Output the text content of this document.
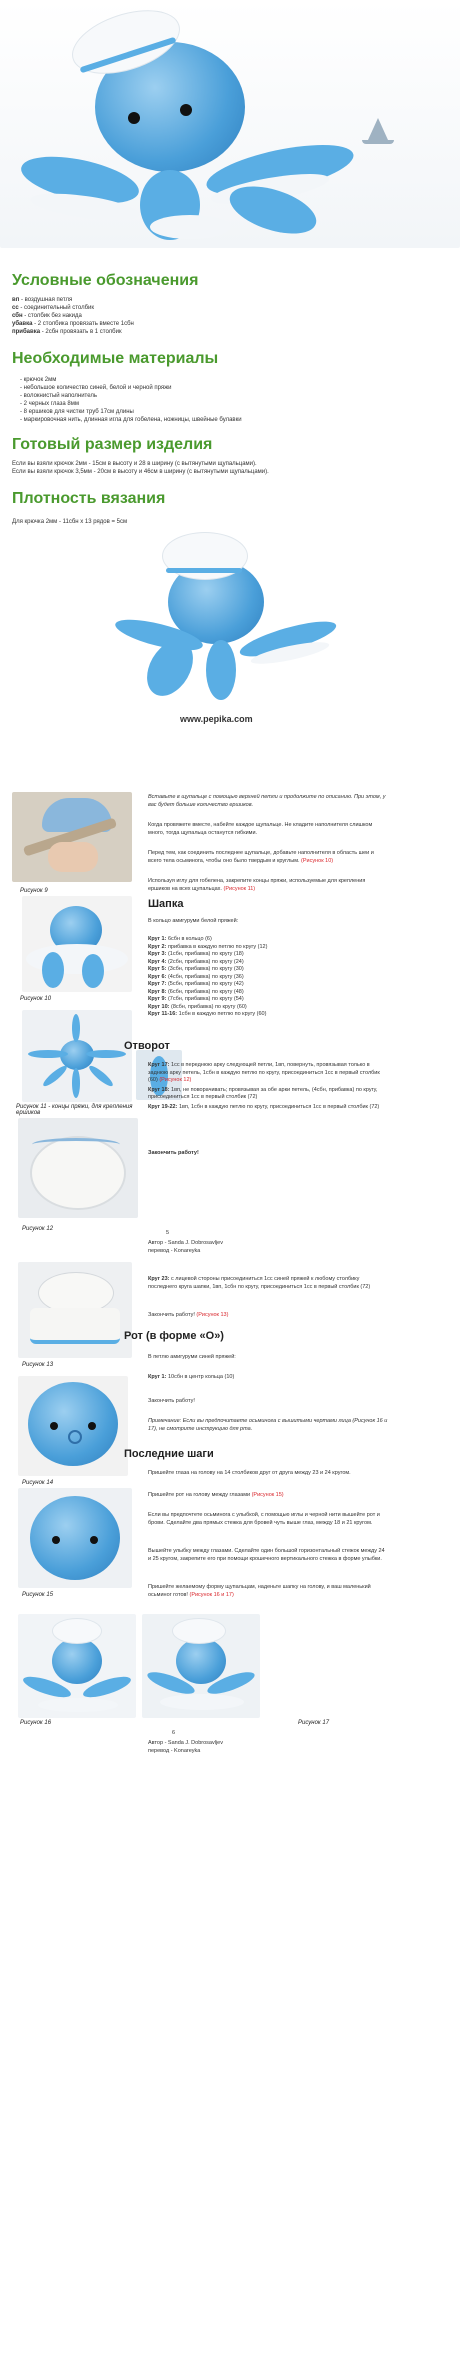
Условные обозначения
вп - воздушная петля
сс - соединительный столбик
сбн - столбик без накида
убавка - 2 столбика провязать вместе 1сбн
прибавка - 2сбн провязать в 1 столбик
Необходимые материалы
- крючок 2мм
- небольшое количество синей, белой и черной пряжи
- волокнистый наполнитель
- 2 черных глаза 8мм
- 8 ершиков для чистки труб 17см длины
- маркировочная нить, длинная игла для гобелена, ножницы, швейные булавки
Готовый размер изделия
Если вы взяли крючок 2мм - 15см в высоту и 28 в ширину (с вытянутыми щупальцами).
Если вы взяли крючок 3,5мм - 20см в высоту и 46см в ширину (с вытянутыми щупальцами).
Плотность вязания
Для крючка 2мм - 11сбн х 13 рядов = 5см
www.pepika.com
Рисунок 9
Рисунок 10
Рисунок 11 - концы пряжи, для крепления ершиков
Рисунок 12
5
Рисунок 13
Рисунок 14
Рисунок 15
Рисунок 16	Рисунок 17
Вставьте в щупальце с помощью верхней петли и продолжите по описанию. При этом, у вас будет больше количество ершиков.
Когда провяжете вместе, набейте каждое щупальце. Не кладите наполнителя слишком много, тогда щупальца останутся гибкими.
Перед тем, как соединить последнее щупальце, добавьте наполнителя в область шеи и всего тела осьминога, чтобы оно было твердым и круглым. (Рисунок 10)
Используя иглу для гобелена, закрепите концы пряжи, используемые для крепления ершиков на всех щупальцах. (Рисунок 11)
Шапка
В кольцо амигуруми белой пряжей:
Круг 1: 6сбн в кольцо (6)
Круг 2: прибавка в каждую петлю по кругу (12)
Круг 3: (1сбн, прибавка) по кругу (18)
Круг 4: (2сбн, прибавка) по кругу (24)
Круг 5: (3сбн, прибавка) по кругу (30)
Круг 6: (4сбн, прибавка) по кругу (36)
Круг 7: (5сбн, прибавка) по кругу (42)
Круг 8: (6сбн, прибавка) по кругу (48)
Круг 9: (7сбн, прибавка) по кругу (54)
Круг 10: (8сбн, прибавка) по кругу (60)
Круг 11-16: 1сбн в каждую петлю по кругу (60)
Отворот
Круг 17: 1сс в переднюю арку следующей петли, 1вп, повернуть, провязывая только в заднюю арку петель, 1сбн в каждую петлю по кругу, присоединиться 1сс в первый столбик (60) (Рисунок 12)
Круг 18: 1вп, не поворачивать; провязывая за обе арки петель, (4сбн, прибавка) по кругу, присоединиться 1сс в первый столбик (72)
Круг 19-22: 1вп, 1сбн в каждую петлю по кругу, присоединиться 1сс в первый столбик (72)
Закончить работу!
Автор - Sanda J. Dobrosavljev
перевод - Konareyka
Круг 23: с лицевой стороны присоединиться 1сс синей пряжей к любому столбику последнего круга шапки, 1вп, 1сбн по кругу, присоединиться 1сс в первый столбик (72)
Закончить работу! (Рисунок 13)
Рот (в форме «О»)
В петлю амигуруми синей пряжей:
Круг 1: 10сбн в центр кольца (10)
Закончить работу!
Примечание: Если вы предпочитаете осьминога с вышитыми чертами лица (Рисунок 16 и 17), не смотрите инструкцию для рта.
Последние шаги
Пришейте глаза на голову на 14 столбиков друг от друга между 23 и 24 кругом.
Пришейте рот на голову между глазами (Рисунок 15)
Если вы предпочтете осьминога с улыбкой, с помощью иглы и черной нити вышейте рот и брови. Сделайте два прямых стежка для бровей чуть выше глаз, между 18 и 21 кругом.
Вышейте улыбку между глазами. Сделайте один большой горизонтальный стежок между 24 и 25 кругом, закрепите его при помощи крошечного вертикального стежка в форме улыбки.
Пришейте желаемому форму щупальцам, наденьте шапку на голову, и ваш маленький осьминог готов! (Рисунок 16 и 17)
6
Автор - Sanda J. Dobrosavljev
перевод - Konareyka
